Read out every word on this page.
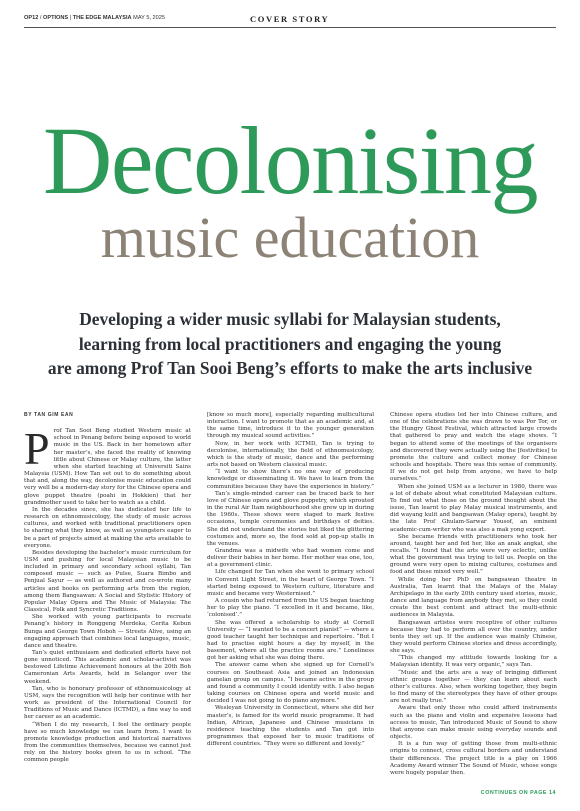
OP12 / OPTIONS | THE EDGE MALAYSIA MAY 5, 2025	COVER STORY
Decolonising
music education
Developing a wider music syllabi for Malaysian students,
learning from local practitioners and engaging the young
are among Prof Tan Sooi Beng’s efforts to make the arts inclusive
BY TAN GIM EAN

Prof Tan Sooi Beng studied Western music at school in Penang before being exposed to world music in the US. Back in her hometown after her master’s, she faced the reality of knowing little about Chinese or Malay culture, the latter when she started teaching at Universiti Sains Malaysia (USM). How Tan set out to do something about that and, along the way, decolonise music education could very well be a modern-day story for the Chinese opera and glove puppet theatre (poahi in Hokkien) that her grandmother used to take her to watch as a child.

In the decades since, she has dedicated her life to research on ethnomusicology, the study of music across cultures, and worked with traditional practitioners open to sharing what they know, as well as youngsters eager to be a part of projects aimed at making the arts available to everyone.

Besides developing the bachelor’s music curriculum for USM and pushing for local Malaysian music to be included in primary and secondary school syllabi, Tan composed music — such as Pulse, Suara Bimbo and Penjual Sayur — as well as authored and co-wrote many articles and books on performing arts from the region, among them Bangsawan: A Social and Stylistic History of Popular Malay Opera and The Music of Malaysia: The Classical, Folk and Syncretic Traditions.

She worked with young participants to recreate Penang’s history in Ronggeng Merdeka, Cerita Kebun Bunga and George Town Hoboh — Streets Alive, using an engaging approach that combines local languages, music, dance and theatre.

Tan’s quiet enthusiasm and dedicated efforts have not gone unnoticed. This academic and scholar-activist was bestowed Lifetime Achievement honours at the 20th Boh Cameronian Arts Awards, held in Selangor over the weekend.

Tan, who is honorary professor of ethnomusicology at USM, says the recognition will help her continue with her work as president of the International Council for Traditions of Music and Dance (ICTMD), a fine way to end her career as an academic.

“When I do my research, I feel the ordinary people have so much knowledge we can learn from. I want to promote knowledge production and historical narratives from the communities themselves, because we cannot just rely on the history books given to us in school. “The common people

[know so much more], especially regarding multicultural interaction. I want to promote that as an academic and, at the same time, introduce it to the younger generation through my musical sound activities.”

Now, in her work with ICTMD, Tan is trying to decolonise, internationally, the field of ethnomusicology, which is the study of music, dance and the performing arts not based on Western classical music.

“I want to show there’s no one way of producing knowledge or disseminating it. We have to learn from the communities because they have the experience in history.”

Tan’s single-minded career can be traced back to her love of Chinese opera and glove puppetry, which sprouted in the rural Air Itam neighbourhood she grew up in during the 1960s. These shows were staged to mark festive occasions, temple ceremonies and birthdays of deities. She did not understand the stories but liked the glittering costumes and, more so, the food sold at pop-up stalls in the venues.

Grandma was a midwife who had women come and deliver their babies in her home. Her mother was one, too, at a government clinic.

Life changed for Tan when she went to primary school in Convent Light Street, in the heart of George Town. “I started being exposed to Western culture, literature and music and became very Westernised.”

A cousin who had returned from the US began teaching her to play the piano. “I excelled in it and became, like, ‘colonised’.”

She was offered a scholarship to study at Cornell University — “I wanted to be a concert pianist” — where a good teacher taught her technique and repertoire. “But I had to practise eight hours a day by myself, in the basement, where all the practice rooms are.” Loneliness got her asking what she was doing there.

The answer came when she signed up for Cornell’s courses on Southeast Asia and joined an Indonesian gamelan group on campus. “I became active in the group and found a community I could identify with. I also began taking courses on Chinese opera and world music and decided I was not going to do piano anymore.”

Wesleyan University in Connecticut, where she did her master’s, is famed for its world music programme. It had Indian, African, Japanese and Chinese musicians in residence teaching the students and Tan got into programmes that exposed her to music traditions of different countries. “They were so different and lovely.”

Chinese opera studies led her into Chinese culture, and one of the celebrations she was drawn to was Por Tor, or the Hungry Ghost Festival, which attracted large crowds that gathered to pray and watch the stage shows. “I began to attend some of the meetings of the organisers and discovered they were actually using the [festivities] to promote the culture and collect money for Chinese schools and hospitals. There was this sense of community. If we do not get help from anyone, we have to help ourselves.”

When she joined USM as a lecturer in 1980, there was a lot of debate about what constituted Malaysian culture. To find out what those on the ground thought about the issue, Tan learnt to play Malay musical instruments, and did wayang kulit and bangsawan (Malay opera), taught by the late Prof Ghulam-Sarwar Yousof, an eminent academic-cum-writer who was also a mak yong expert.

She became friends with practitioners who took her around, taught her and fed her, like an anak angkat, she recalls. “I found that the arts were very eclectic, unlike what the government was trying to tell us. People on the ground were very open to mixing cultures, costumes and food and these mixed very well.”

While doing her PhD on bangsawan theatre in Australia, Tan learnt that the Malays of the Malay Archipelago in the early 20th century used stories, music, dance and language from anybody they met, so they could create the best content and attract the multi-ethnic audiences in Malaysia.

Bangsawan artistes were receptive of other cultures because they had to perform all over the country, under tents they set up. If the audience was mainly Chinese, they would perform Chinese stories and dress accordingly, she says.

“This changed my attitude towards looking for a Malaysian identity. It was very organic,” says Tan.

“Music and the arts are a way of bringing different ethnic groups together — they can learn about each other’s cultures. Also, when working together, they begin to find many of the stereotypes they have of other groups are not really true.”

Aware that only those who could afford instruments such as the piano and violin and expensive lessons had access to music, Tan introduced Music of Sound to show that anyone can make music using everyday sounds and objects.

It is a fun way of getting those from multi-ethnic origins to connect, cross cultural borders and understand their differences. The project title is a play on 1966 Academy Award winner The Sound of Music, whose songs were hugely popular then.

CONTINUES ON PAGE 14
